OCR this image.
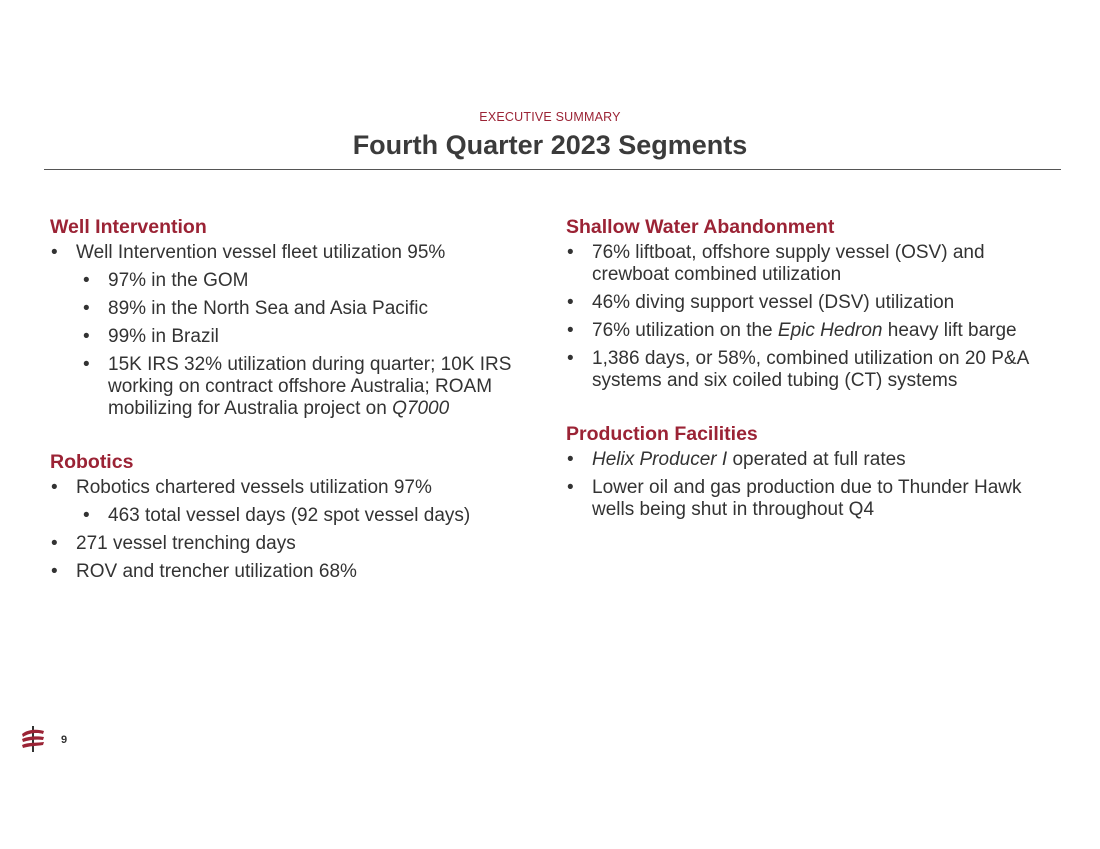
EXECUTIVE SUMMARY
Fourth Quarter 2023 Segments
Well Intervention
• Well Intervention vessel fleet utilization 95%
• 97% in the GOM
• 89% in the North Sea and Asia Pacific
• 99% in Brazil
• 15K IRS 32% utilization during quarter; 10K IRS working on contract offshore Australia; ROAM mobilizing for Australia project on Q7000
Robotics
• Robotics chartered vessels utilization 97%
• 463 total vessel days (92 spot vessel days)
• 271 vessel trenching days
• ROV and trencher utilization 68%
Shallow Water Abandonment
• 76% liftboat, offshore supply vessel (OSV) and crewboat combined utilization
• 46% diving support vessel (DSV) utilization
• 76% utilization on the Epic Hedron heavy lift barge
• 1,386 days, or 58%, combined utilization on 20 P&A systems and six coiled tubing (CT) systems
Production Facilities
• Helix Producer I operated at full rates
• Lower oil and gas production due to Thunder Hawk wells being shut in throughout Q4
9
